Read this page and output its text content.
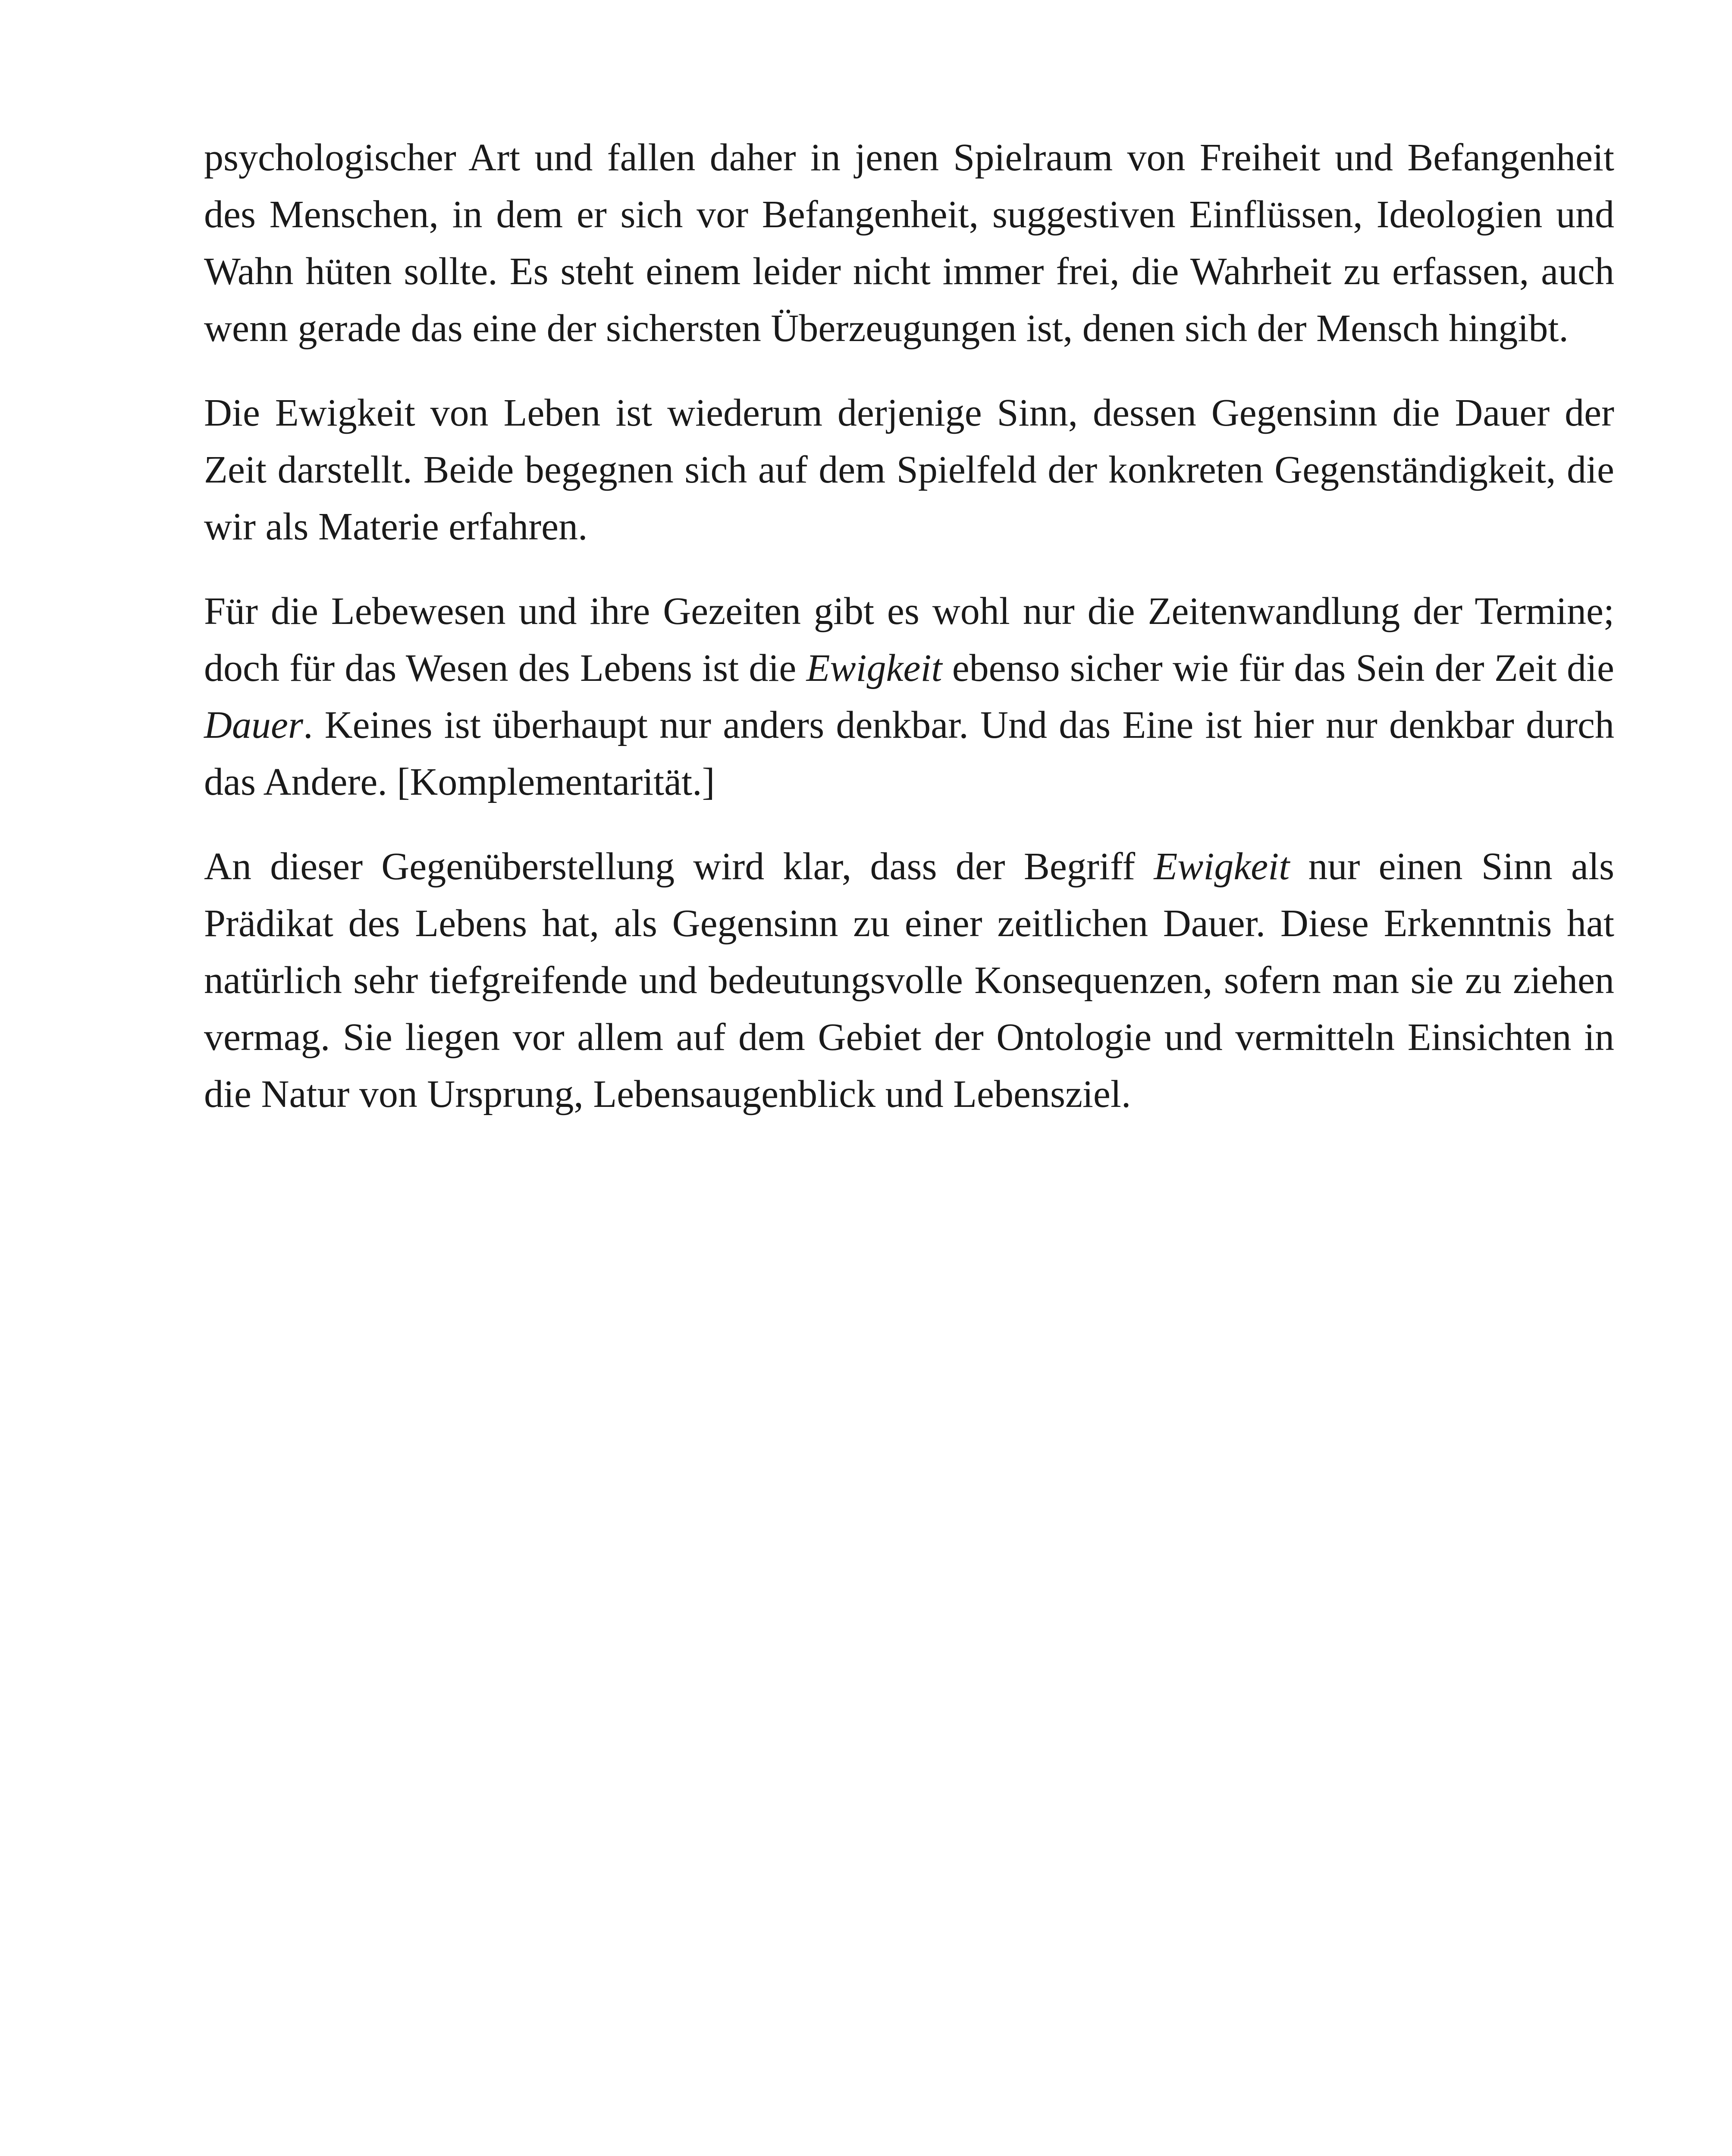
psychologischer Art und fallen daher in jenen Spielraum von Freiheit und Befangenheit des Menschen, in dem er sich vor Befangenheit, suggestiven Einflüssen, Ideologien und Wahn hüten sollte. Es steht einem leider nicht immer frei, die Wahrheit zu erfassen, auch wenn gerade das eine der sichersten Überzeugungen ist, denen sich der Mensch hingibt.

Die Ewigkeit von Leben ist wiederum derjenige Sinn, dessen Gegensinn die Dauer der Zeit darstellt. Beide begegnen sich auf dem Spielfeld der konkreten Gegenständigkeit, die wir als Materie erfahren.

Für die Lebewesen und ihre Gezeiten gibt es wohl nur die Zeitenwandlung der Termine; doch für das Wesen des Lebens ist die Ewigkeit ebenso sicher wie für das Sein der Zeit die Dauer. Keines ist überhaupt nur anders denkbar. Und das Eine ist hier nur denkbar durch das Andere. [Komplementarität.]

An dieser Gegenüberstellung wird klar, dass der Begriff Ewigkeit nur einen Sinn als Prädikat des Lebens hat, als Gegensinn zu einer zeitlichen Dauer. Diese Erkenntnis hat natürlich sehr tiefgreifende und bedeutungsvolle Konsequenzen, sofern man sie zu ziehen vermag. Sie liegen vor allem auf dem Gebiet der Ontologie und vermitteln Einsichten in die Natur von Ursprung, Lebensaugenblick und Lebensziel.
